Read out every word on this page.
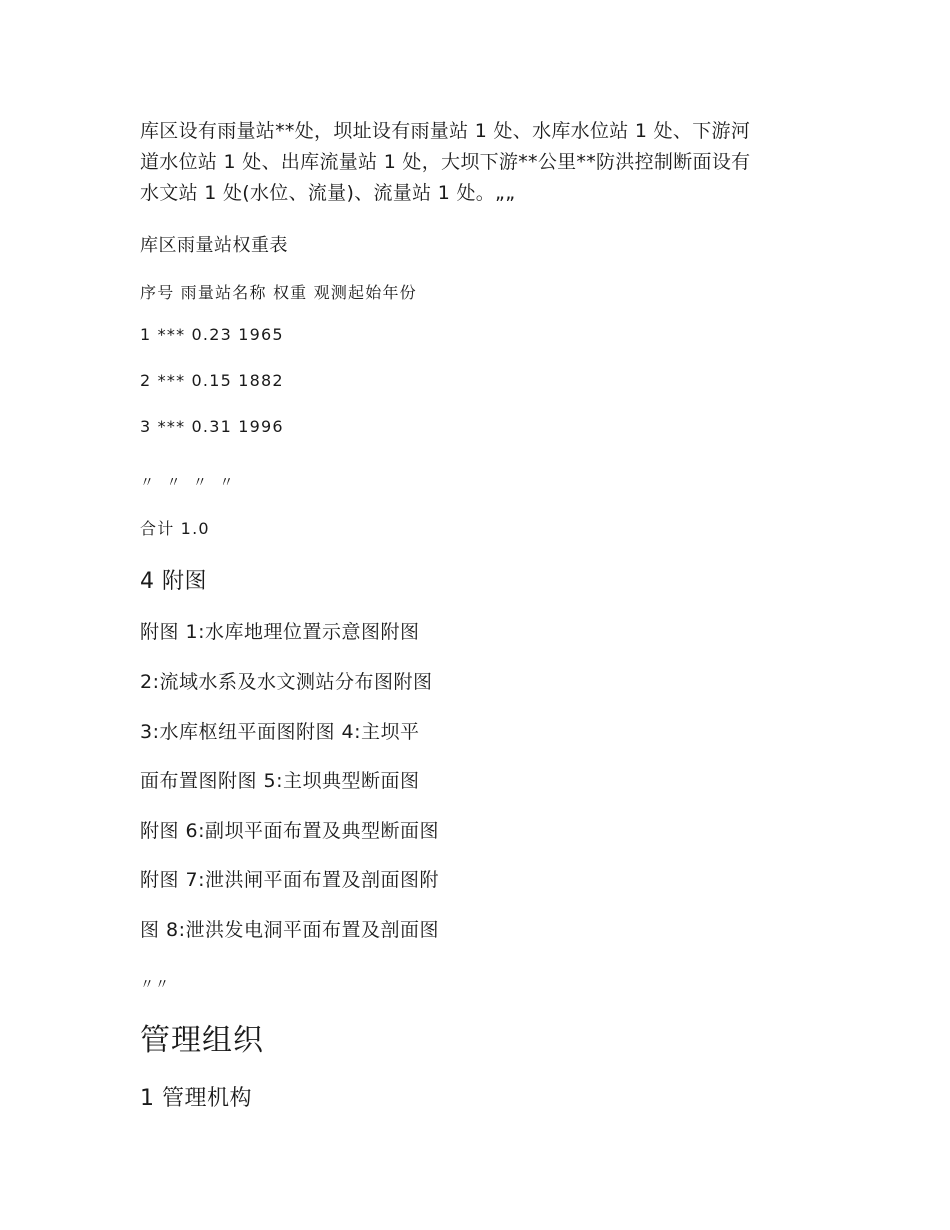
库区设有雨量站**处，坝址设有雨量站 1 处、水库水位站 1 处、下游河
道水位站 1 处、出库流量站 1 处，大坝下游**公里**防洪控制断面设有
水文站 1 处(水位、流量)、流量站 1 处。„„
库区雨量站权重表
序号 雨量站名称 权重 观测起始年份
1 *** 0.23 1965
2 *** 0.15 1882
3 *** 0.31 1996
〃 〃 〃 〃
合计 1.0
4 附图
附图 1:水库地理位置示意图附图
2:流域水系及水文测站分布图附图
3:水库枢纽平面图附图 4:主坝平
面布置图附图 5:主坝典型断面图
附图 6:副坝平面布置及典型断面图
附图 7:泄洪闸平面布置及剖面图附
图 8:泄洪发电洞平面布置及剖面图
〃〃
管理组织
1 管理机构
